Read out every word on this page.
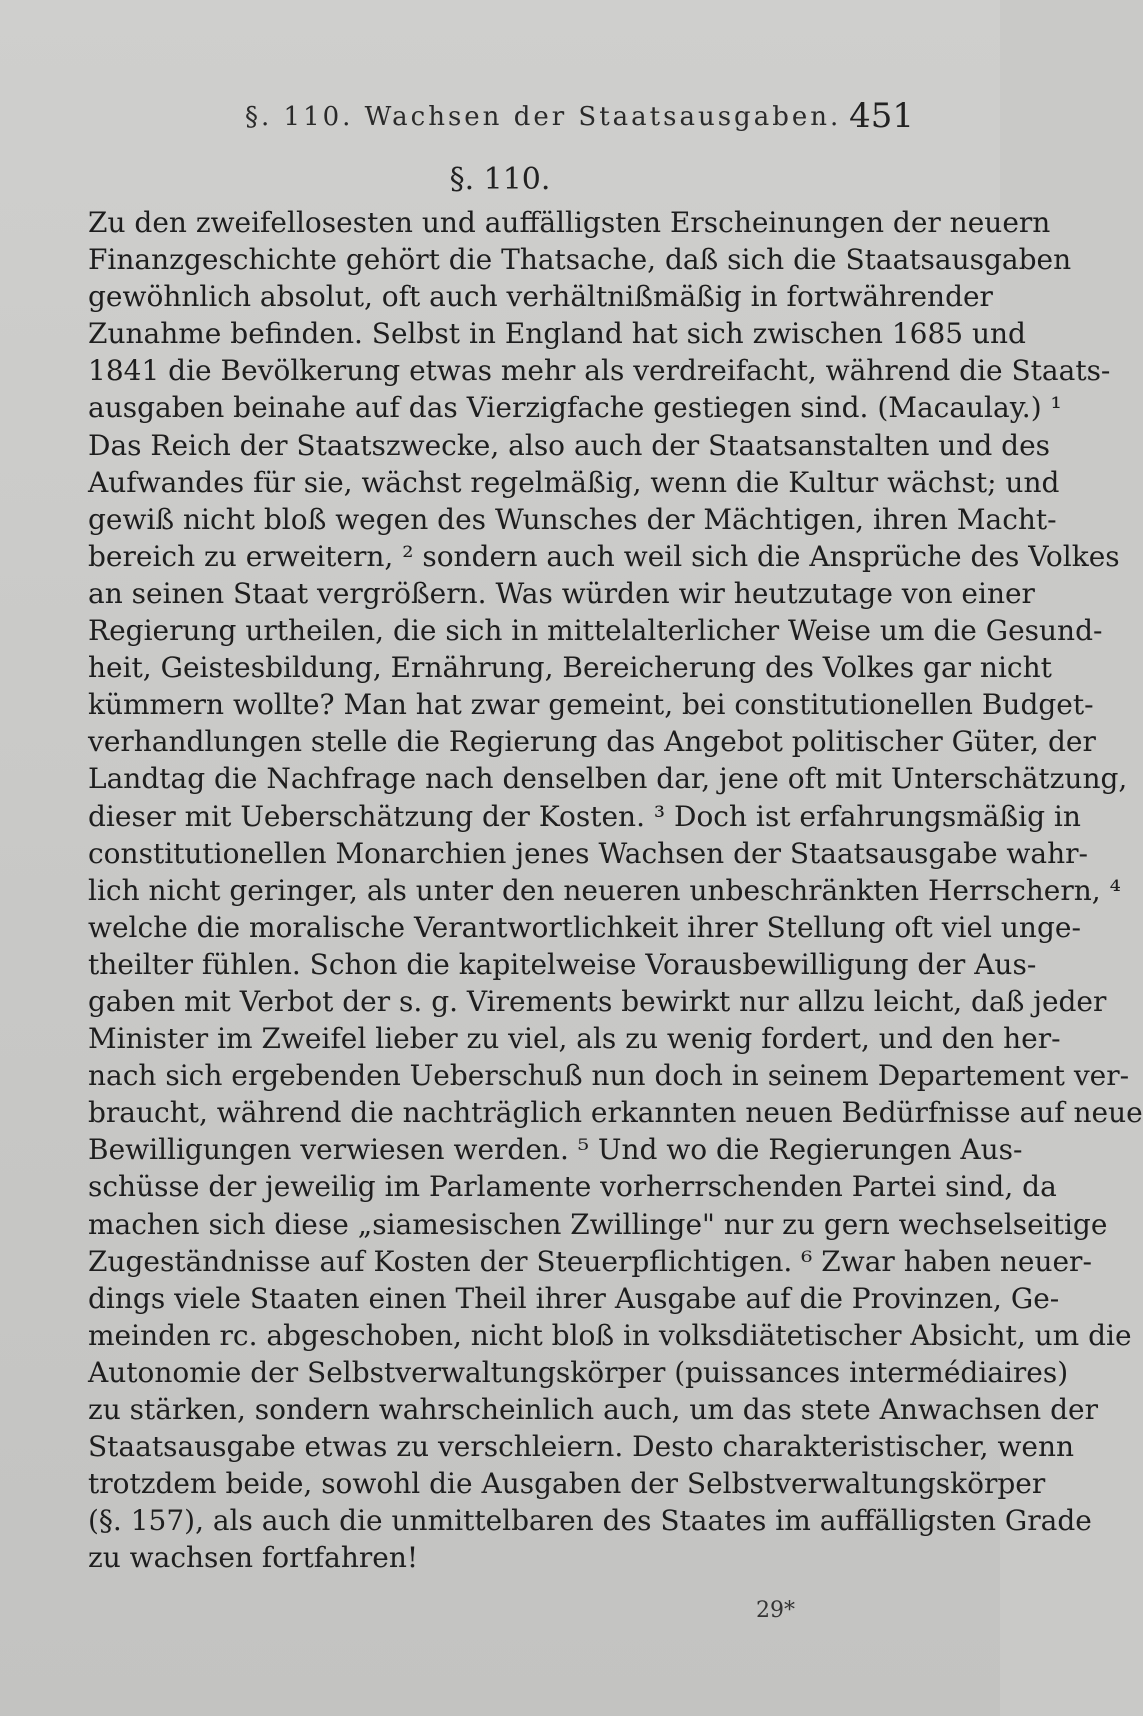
§. 110. Wachsen der Staatsausgaben. 451
§. 110.

Zu den zweifellosesten und auffälligsten Erscheinungen der neuern
Finanzgeschichte gehört die Thatsache, daß sich die Staatsausgaben
gewöhnlich absolut, oft auch verhältnißmäßig in fortwährender
Zunahme befinden. Selbst in England hat sich zwischen 1685 und
1841 die Bevölkerung etwas mehr als verdreifacht, während die Staats-
ausgaben beinahe auf das Vierzigfache gestiegen sind. (Macaulay.) ¹
Das Reich der Staatszwecke, also auch der Staatsanstalten und des
Aufwandes für sie, wächst regelmäßig, wenn die Kultur wächst; und
gewiß nicht bloß wegen des Wunsches der Mächtigen, ihren Macht-
bereich zu erweitern, ² sondern auch weil sich die Ansprüche des Volkes
an seinen Staat vergrößern. Was würden wir heutzutage von einer
Regierung urtheilen, die sich in mittelalterlicher Weise um die Gesund-
heit, Geistesbildung, Ernährung, Bereicherung des Volkes gar nicht
kümmern wollte? Man hat zwar gemeint, bei constitutionellen Budget-
verhandlungen stelle die Regierung das Angebot politischer Güter, der
Landtag die Nachfrage nach denselben dar, jene oft mit Unterschätzung,
dieser mit Ueberschätzung der Kosten. ³ Doch ist erfahrungsmäßig in
constitutionellen Monarchien jenes Wachsen der Staatsausgabe wahr-
lich nicht geringer, als unter den neueren unbeschränkten Herrschern, ⁴
welche die moralische Verantwortlichkeit ihrer Stellung oft viel unge-
theilter fühlen. Schon die kapitelweise Vorausbewilligung der Aus-
gaben mit Verbot der s. g. Virements bewirkt nur allzu leicht, daß jeder
Minister im Zweifel lieber zu viel, als zu wenig fordert, und den her-
nach sich ergebenden Ueberschuß nun doch in seinem Departement ver-
braucht, während die nachträglich erkannten neuen Bedürfnisse auf neue
Bewilligungen verwiesen werden. ⁵ Und wo die Regierungen Aus-
schüsse der jeweilig im Parlamente vorherrschenden Partei sind, da
machen sich diese „siamesischen Zwillinge" nur zu gern wechselseitige
Zugeständnisse auf Kosten der Steuerpflichtigen. ⁶ Zwar haben neuer-
dings viele Staaten einen Theil ihrer Ausgabe auf die Provinzen, Ge-
meinden rc. abgeschoben, nicht bloß in volksdiätetischer Absicht, um die
Autonomie der Selbstverwaltungskörper (puissances intermédiaires)
zu stärken, sondern wahrscheinlich auch, um das stete Anwachsen der
Staatsausgabe etwas zu verschleiern. Desto charakteristischer, wenn
trotzdem beide, sowohl die Ausgaben der Selbstverwaltungskörper
(§. 157), als auch die unmittelbaren des Staates im auffälligsten Grade
zu wachsen fortfahren!

29*
